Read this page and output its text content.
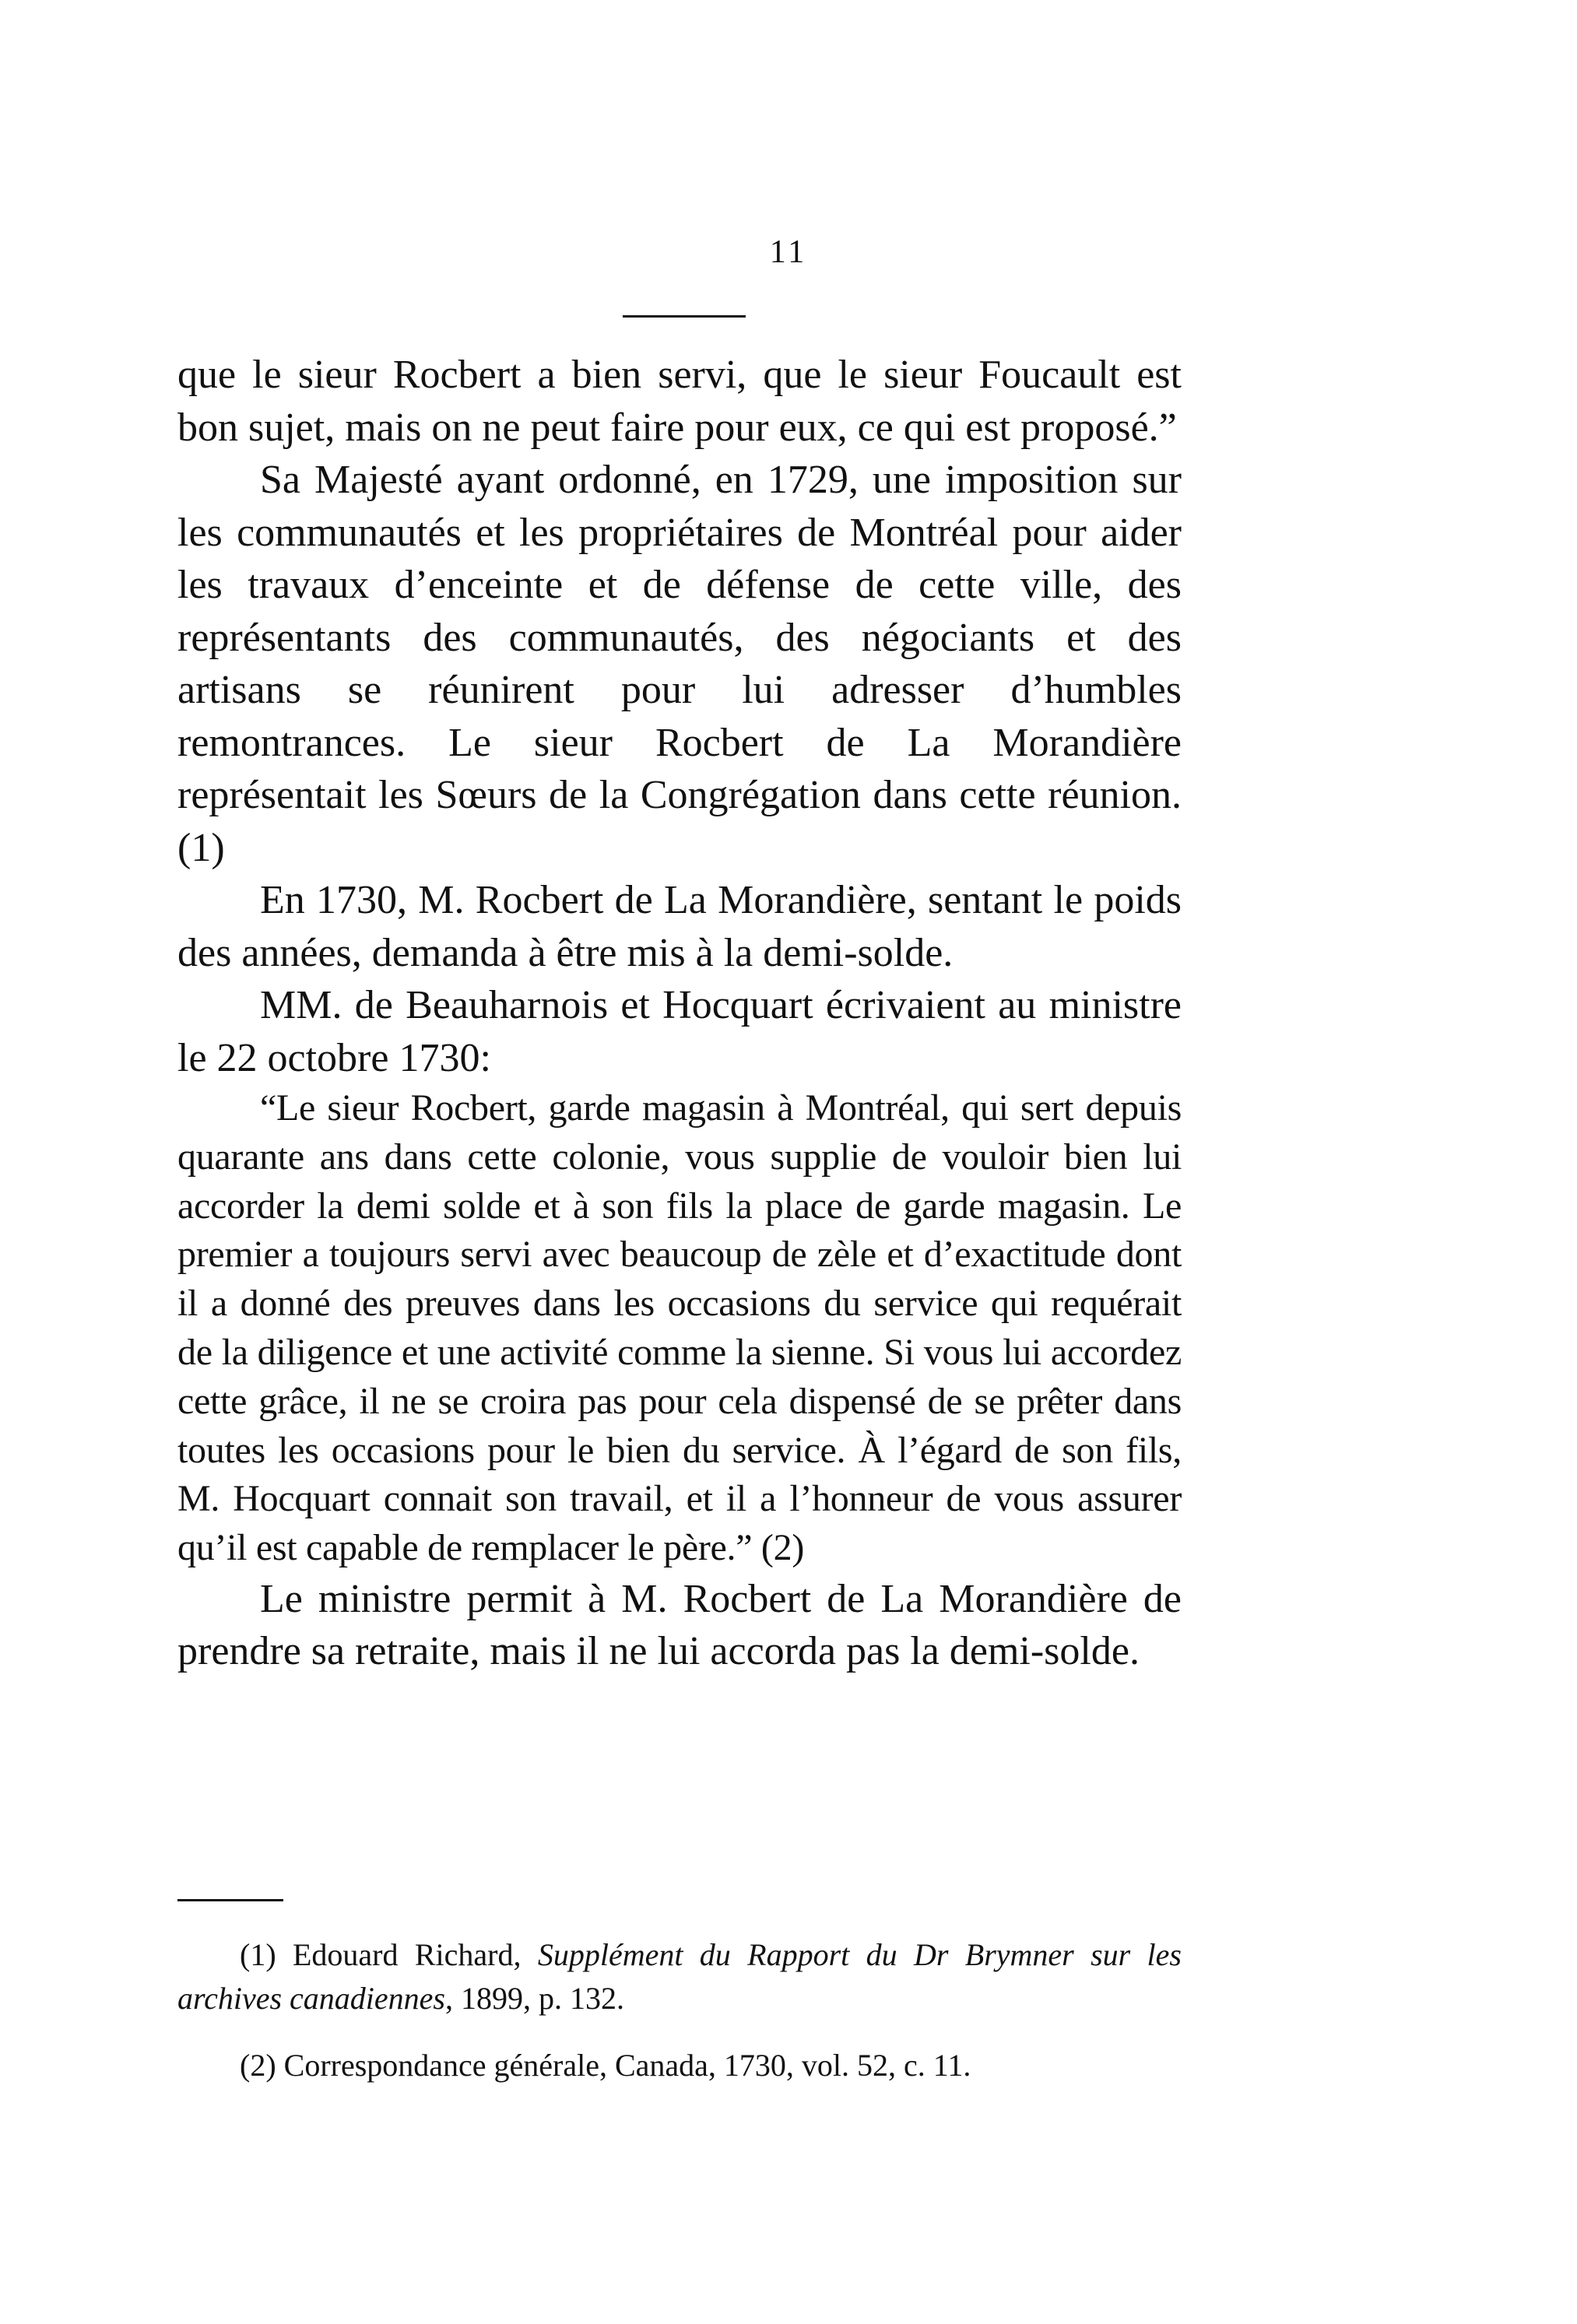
11

que le sieur Rocbert a bien servi, que le sieur Foucault est bon sujet, mais on ne peut faire pour eux, ce qui est proposé.”

Sa Majesté ayant ordonné, en 1729, une imposition sur les communautés et les propriétaires de Montréal pour aider les travaux d’enceinte et de défense de cette ville, des représentants des communautés, des négociants et des artisans se réunirent pour lui adresser d’humbles remontrances. Le sieur Rocbert de La Morandière représentait les Sœurs de la Congrégation dans cette réunion. (1)

En 1730, M. Rocbert de La Morandière, sentant le poids des années, demanda à être mis à la demi-solde.

MM. de Beauharnois et Hocquart écrivaient au ministre le 22 octobre 1730:

“Le sieur Rocbert, garde magasin à Montréal, qui sert depuis quarante ans dans cette colonie, vous supplie de vouloir bien lui accorder la demi solde et à son fils la place de garde magasin. Le premier a toujours servi avec beaucoup de zèle et d’exactitude dont il a donné des preuves dans les occasions du service qui requérait de la diligence et une activité comme la sienne. Si vous lui accordez cette grâce, il ne se croira pas pour cela dispensé de se prêter dans toutes les occasions pour le bien du service. À l’égard de son fils, M. Hocquart connait son travail, et il a l’honneur de vous assurer qu’il est capable de remplacer le père.” (2)

Le ministre permit à M. Rocbert de La Morandière de prendre sa retraite, mais il ne lui accorda pas la demi-solde.

(1) Edouard Richard, Supplément du Rapport du Dr Brymner sur les archives canadiennes, 1899, p. 132.

(2) Correspondance générale, Canada, 1730, vol. 52, c. 11.
